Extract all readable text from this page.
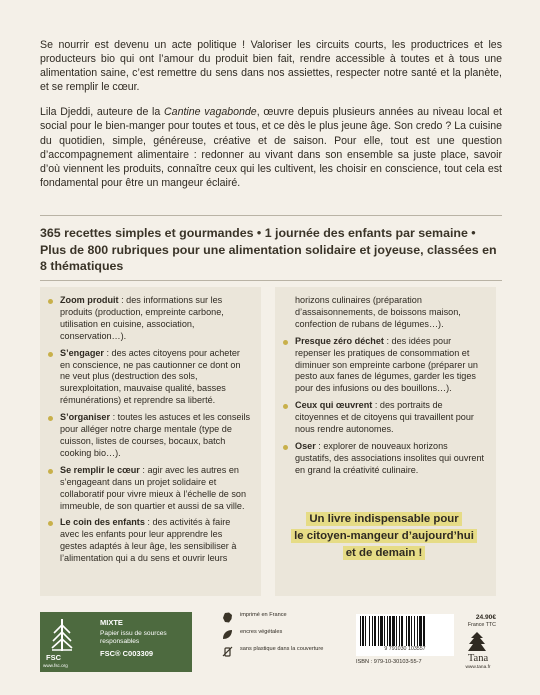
Se nourrir est devenu un acte politique ! Valoriser les circuits courts, les productrices et les producteurs bio qui ont l’amour du produit bien fait, rendre accessible à toutes et à tous une alimentation saine, c’est remettre du sens dans nos assiettes, respecter notre santé et la planète, et se remplir le cœur.

Lila Djeddi, auteure de la Cantine vagabonde, œuvre depuis plusieurs années au niveau local et social pour le bien-manger pour toutes et tous, et ce dès le plus jeune âge. Son credo ? La cuisine du quotidien, simple, généreuse, créative et de saison. Pour elle, tout est une question d’accompagnement alimentaire : redonner au vivant dans son ensemble sa juste place, savoir d’où viennent les produits, connaître ceux qui les cultivent, les choisir en conscience, tout cela est fondamental pour être un mangeur éclairé.

365 recettes simples et gourmandes • 1 journée des enfants par semaine • Plus de 800 rubriques pour une alimentation solidaire et joyeuse, classées en 8 thématiques
Zoom produit : des informations sur les produits (production, empreinte carbone, utilisation en cuisine, association, conservation…).
S’engager : des actes citoyens pour acheter en conscience, ne pas cautionner ce dont on ne veut plus (destruction des sols, surexploitation, mauvaise qualité, basses rémunérations) et reprendre sa liberté.
S’organiser : toutes les astuces et les conseils pour alléger notre charge mentale (type de cuisson, listes de courses, bocaux, batch cooking bio…).
Se remplir le cœur : agir avec les autres en s’engageant dans un projet solidaire et collaboratif pour vivre mieux à l’échelle de son immeuble, de son quartier et aussi de sa ville.
Le coin des enfants : des activités à faire avec les enfants pour leur apprendre les gestes adaptés à leur âge, les sensibiliser à l’alimentation qui a du sens et ouvrir leurs
horizons culinaires (préparation d’assaisonnements, de boissons maison, confection de rubans de légumes…).
Presque zéro déchet : des idées pour repenser les pratiques de consommation et diminuer son empreinte carbone (préparer un pesto aux fanes de légumes, garder les tiges pour des infusions ou des bouillons…).
Ceux qui œuvrent : des portraits de citoyennes et de citoyens qui travaillent pour nous rendre autonomes.
Oser : explorer de nouveaux horizons gustatifs, des associations insolites qui ouvrent en grand la créativité culinaire.
Un livre indispensable pour
le citoyen-mangeur d’aujourd’hui
et de demain !
FSC
www.fsc.org
MIXTE
Papier issu de sources responsables
FSC® C003309
imprimé en France
encres végétales
sans plastique dans la couverture	9 791030 103557
ISBN : 979-10-30103-55-7
24.90€
France TTC
Tana
www.tana.fr
